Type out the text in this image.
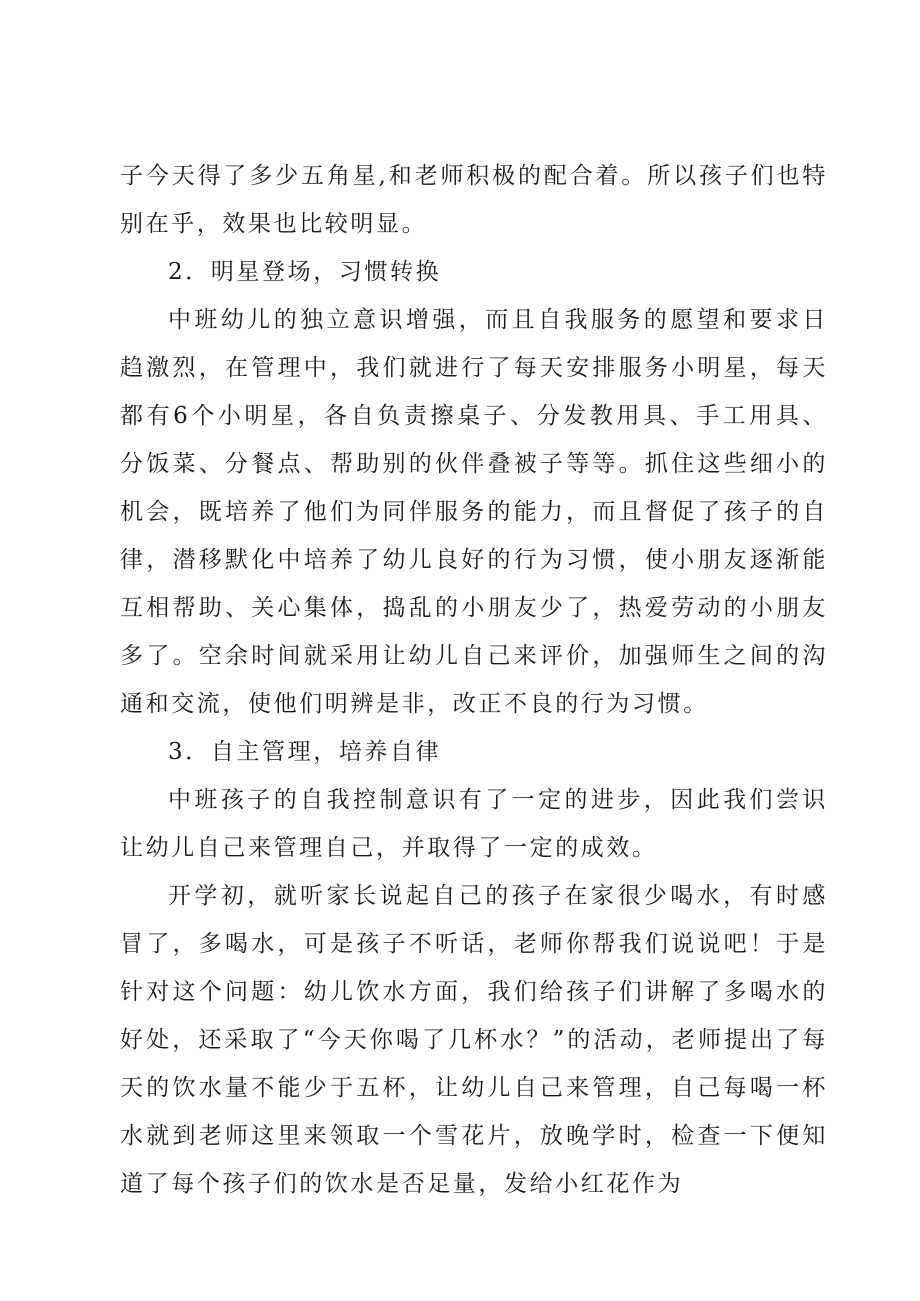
子今天得了多少五角星,和老师积极的配合着。所以孩子们也特别在乎，效果也比较明显。

2．明星登场，习惯转换

中班幼儿的独立意识增强，而且自我服务的愿望和要求日趋激烈，在管理中，我们就进行了每天安排服务小明星，每天都有6个小明星，各自负责擦桌子、分发教用具、手工用具、分饭菜、分餐点、帮助别的伙伴叠被子等等。抓住这些细小的机会，既培养了他们为同伴服务的能力，而且督促了孩子的自律，潜移默化中培养了幼儿良好的行为习惯，使小朋友逐渐能互相帮助、关心集体，捣乱的小朋友少了，热爱劳动的小朋友多了。空余时间就采用让幼儿自己来评价，加强师生之间的沟通和交流，使他们明辨是非，改正不良的行为习惯。

3．自主管理，培养自律

中班孩子的自我控制意识有了一定的进步，因此我们尝识让幼儿自己来管理自己，并取得了一定的成效。

开学初，就听家长说起自己的孩子在家很少喝水，有时感冒了，多喝水，可是孩子不听话，老师你帮我们说说吧！于是针对这个问题：幼儿饮水方面，我们给孩子们讲解了多喝水的好处，还采取了“今天你喝了几杯水？”的活动，老师提出了每天的饮水量不能少于五杯，让幼儿自己来管理，自己每喝一杯水就到老师这里来领取一个雪花片，放晚学时，检查一下便知道了每个孩子们的饮水是否足量，发给小红花作为
